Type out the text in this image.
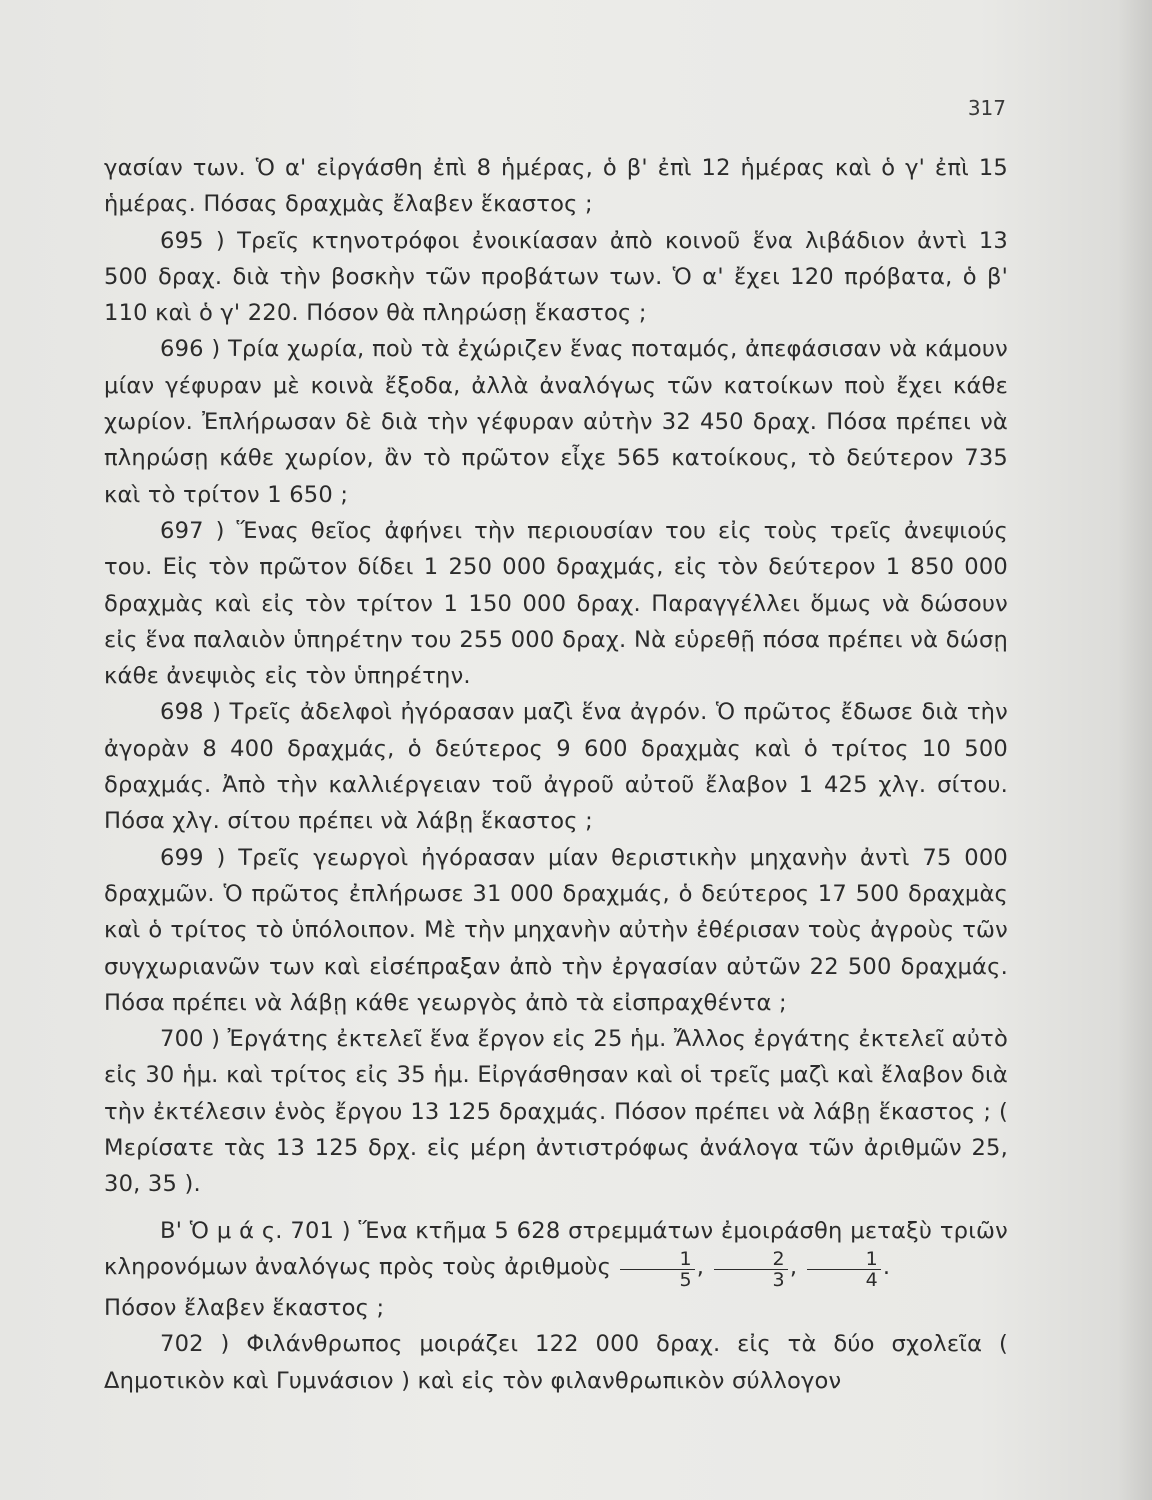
317

γασίαν των. Ὁ α' εἰργάσθη ἐπὶ 8 ἡμέρας, ὁ β' ἐπὶ 12 ἡμέρας καὶ ὁ γ' ἐπὶ 15 ἡμέρας. Πόσας δραχμὰς ἔλαβεν ἕκαστος ;

695 ) Τρεῖς κτηνοτρόφοι ἐνοικίασαν ἀπὸ κοινοῦ ἕνα λιβάδιον ἀντὶ 13 500 δραχ. διὰ τὴν βοσκὴν τῶν προβάτων των. Ὁ α' ἔχει 120 πρόβατα, ὁ β' 110 καὶ ὁ γ' 220. Πόσον θὰ πληρώσῃ ἕκαστος ;

696 ) Τρία χωρία, ποὺ τὰ ἐχώριζεν ἕνας ποταμός, ἀπεφάσισαν νὰ κάμουν μίαν γέφυραν μὲ κοινὰ ἔξοδα, ἀλλὰ ἀναλόγως τῶν κατοίκων ποὺ ἔχει κάθε χωρίον. Ἐπλήρωσαν δὲ διὰ τὴν γέφυραν αὐτὴν 32 450 δραχ. Πόσα πρέπει νὰ πληρώσῃ κάθε χωρίον, ἂν τὸ πρῶτον εἶχε 565 κατοίκους, τὸ δεύτερον 735 καὶ τὸ τρίτον 1 650 ;

697 ) Ἕνας θεῖος ἀφήνει τὴν περιουσίαν του εἰς τοὺς τρεῖς ἀνεψιούς του. Εἰς τὸν πρῶτον δίδει 1 250 000 δραχμάς, εἰς τὸν δεύτερον 1 850 000 δραχμὰς καὶ εἰς τὸν τρίτον 1 150 000 δραχ. Παραγγέλλει ὅμως νὰ δώσουν εἰς ἕνα παλαιὸν ὑπηρέτην του 255 000 δραχ. Νὰ εὑρεθῇ πόσα πρέπει νὰ δώσῃ κάθε ἀνεψιὸς εἰς τὸν ὑπηρέτην.

698 ) Τρεῖς ἀδελφοὶ ἠγόρασαν μαζὶ ἕνα ἀγρόν. Ὁ πρῶτος ἔδωσε διὰ τὴν ἀγορὰν 8 400 δραχμάς, ὁ δεύτερος 9 600 δραχμὰς καὶ ὁ τρίτος 10 500 δραχμάς. Ἀπὸ τὴν καλλιέργειαν τοῦ ἀγροῦ αὐτοῦ ἔλαβον 1 425 χλγ. σίτου. Πόσα χλγ. σίτου πρέπει νὰ λάβῃ ἕκαστος ;

699 ) Τρεῖς γεωργοὶ ἠγόρασαν μίαν θεριστικὴν μηχανὴν ἀντὶ 75 000 δραχμῶν. Ὁ πρῶτος ἐπλήρωσε 31 000 δραχμάς, ὁ δεύτερος 17 500 δραχμὰς καὶ ὁ τρίτος τὸ ὑπόλοιπον. Μὲ τὴν μηχανὴν αὐτὴν ἐθέρισαν τοὺς ἀγροὺς τῶν συγχωριανῶν των καὶ εἰσέπραξαν ἀπὸ τὴν ἐργασίαν αὐτῶν 22 500 δραχμάς. Πόσα πρέπει νὰ λάβῃ κάθε γεωργὸς ἀπὸ τὰ εἰσπραχθέντα ;

700 ) Ἐργάτης ἐκτελεῖ ἕνα ἔργον εἰς 25 ἡμ. Ἄλλος ἐργάτης ἐκτελεῖ αὐτὸ εἰς 30 ἡμ. καὶ τρίτος εἰς 35 ἡμ. Εἰργάσθησαν καὶ οἱ τρεῖς μαζὶ καὶ ἔλαβον διὰ τὴν ἐκτέλεσιν ἑνὸς ἔργου 13 125 δραχμάς. Πόσον πρέπει νὰ λάβῃ ἕκαστος ; ( Μερίσατε τὰς 13 125 δρχ. εἰς μέρη ἀντιστρόφως ἀνάλογα τῶν ἀριθμῶν 25, 30, 35 ).

Β' Ὁ μ ά ς. 701 ) Ἕνα κτῆμα 5 628 στρεμμάτων ἐμοιράσθη μεταξὺ τριῶν κληρονόμων ἀναλόγως πρὸς τοὺς ἀριθμοὺς $\frac{1}{5}$ , $\frac{2}{3}$ , $\frac{1}{4}$ .
Πόσον ἔλαβεν ἕκαστος ;

702 ) Φιλάνθρωπος μοιράζει 122 000 δραχ. εἰς τὰ δύο σχολεῖα ( Δημοτικὸν καὶ Γυμνάσιον ) καὶ εἰς τὸν φιλανθρωπικὸν σύλλογον
